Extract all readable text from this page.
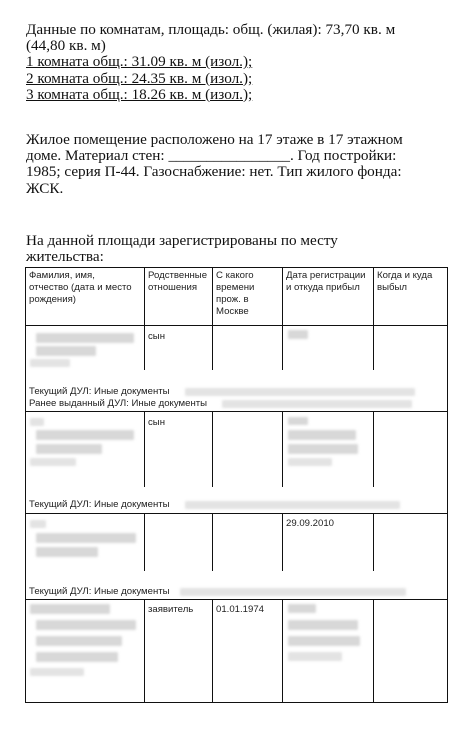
Данные по комнатам, площадь: общ. (жилая): 73,70 кв. м
(44,80 кв. м)
1 комната общ.: 31.09 кв. м (изол.);
2 комната общ.: 24.35 кв. м (изол.);
3 комната общ.: 18.26 кв. м (изол.);
Жилое помещение расположено на 17 этаже в 17 этажном
доме. Материал стен: ________________. Год постройки:
1985; серия П-44. Газоснабжение: нет. Тип жилого фонда:
ЖСК.
На данной площади зарегистрированы по месту
жительства:
Фамилия, имя,
отчество (дата и место
рождения)
Родственные
отношения
С какого
времени
прож. в
Москве
Дата регистрации
и откуда прибыл
Когда и куда
выбыл
сын
Текущий ДУЛ: Иные документы
Ранее выданный ДУЛ: Иные документы
сын
Текущий ДУЛ: Иные документы
29.09.2010
Текущий ДУЛ: Иные документы
заявитель 01.01.1974
